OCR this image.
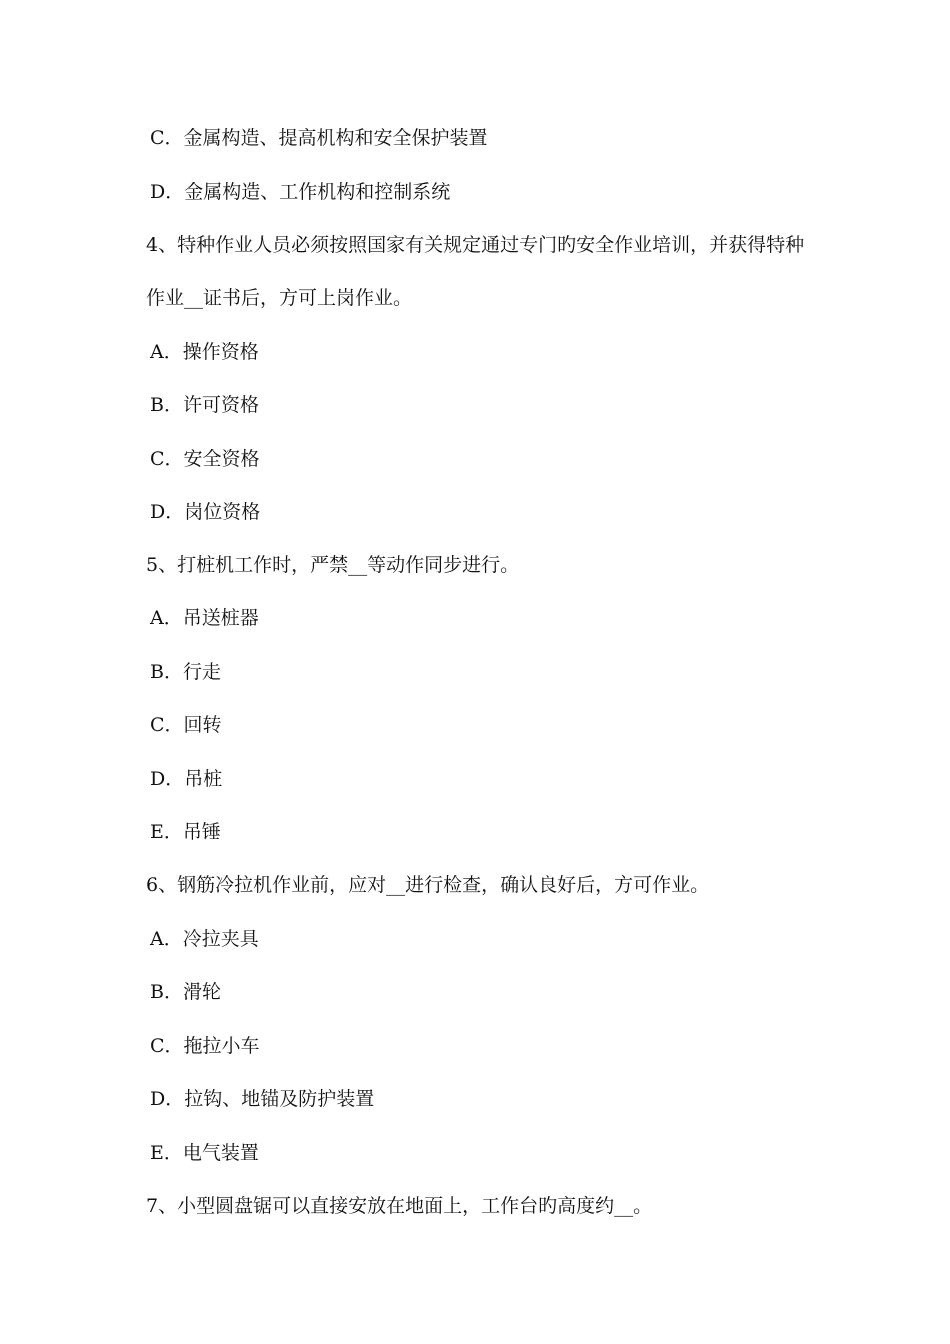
C．金属构造、提高机构和安全保护装置
D．金属构造、工作机构和控制系统
4、特种作业人员必须按照国家有关规定通过专门旳安全作业培训，并获得特种
作业__证书后，方可上岗作业。
A．操作资格
B．许可资格
C．安全资格
D．岗位资格
5、打桩机工作时，严禁__等动作同步进行。
A．吊送桩器
B．行走
C．回转
D．吊桩
E．吊锤
6、钢筋冷拉机作业前，应对__进行检查，确认良好后，方可作业。
A．冷拉夹具
B．滑轮
C．拖拉小车
D．拉钩、地锚及防护装置
E．电气装置
7、小型圆盘锯可以直接安放在地面上，工作台旳高度约__。
